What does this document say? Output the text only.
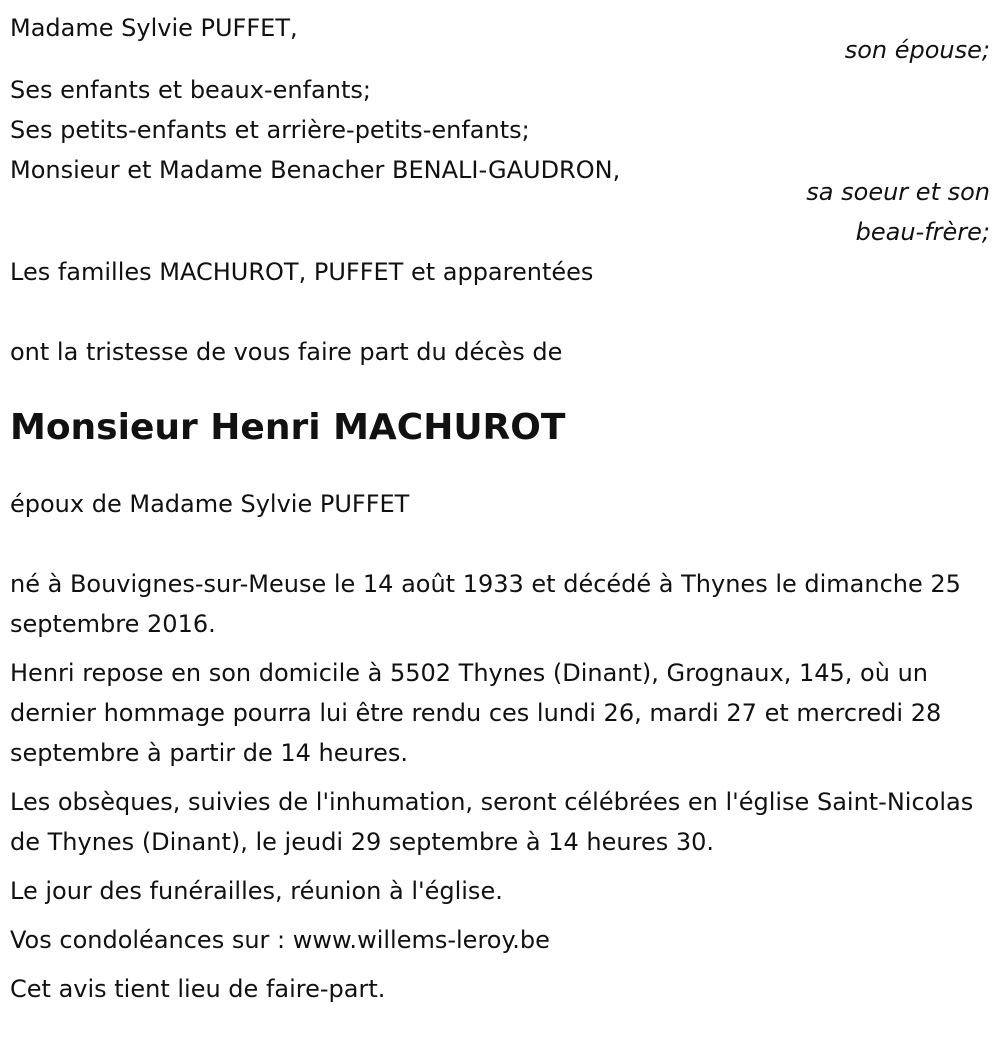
Madame Sylvie PUFFET,

son épouse;

Ses enfants et beaux-enfants;

Ses petits-enfants et arrière-petits-enfants;

Monsieur et Madame Benacher BENALI-GAUDRON,

sa soeur et son

beau-frère;

Les familles MACHUROT, PUFFET et apparentées

ont la tristesse de vous faire part du décès de

Monsieur Henri MACHUROT

époux de Madame Sylvie PUFFET

né à Bouvignes-sur-Meuse le 14 août 1933 et décédé à Thynes le dimanche 25 septembre 2016.

Henri repose en son domicile à 5502 Thynes (Dinant), Grognaux, 145, où un dernier hommage pourra lui être rendu ces lundi 26, mardi 27 et mercredi 28 septembre à partir de 14 heures.

Les obsèques, suivies de l'inhumation, seront célébrées en l'église Saint-Nicolas de Thynes (Dinant), le jeudi 29 septembre à 14 heures 30.

Le jour des funérailles, réunion à l'église.

Vos condoléances sur : www.willems-leroy.be

Cet avis tient lieu de faire-part.
